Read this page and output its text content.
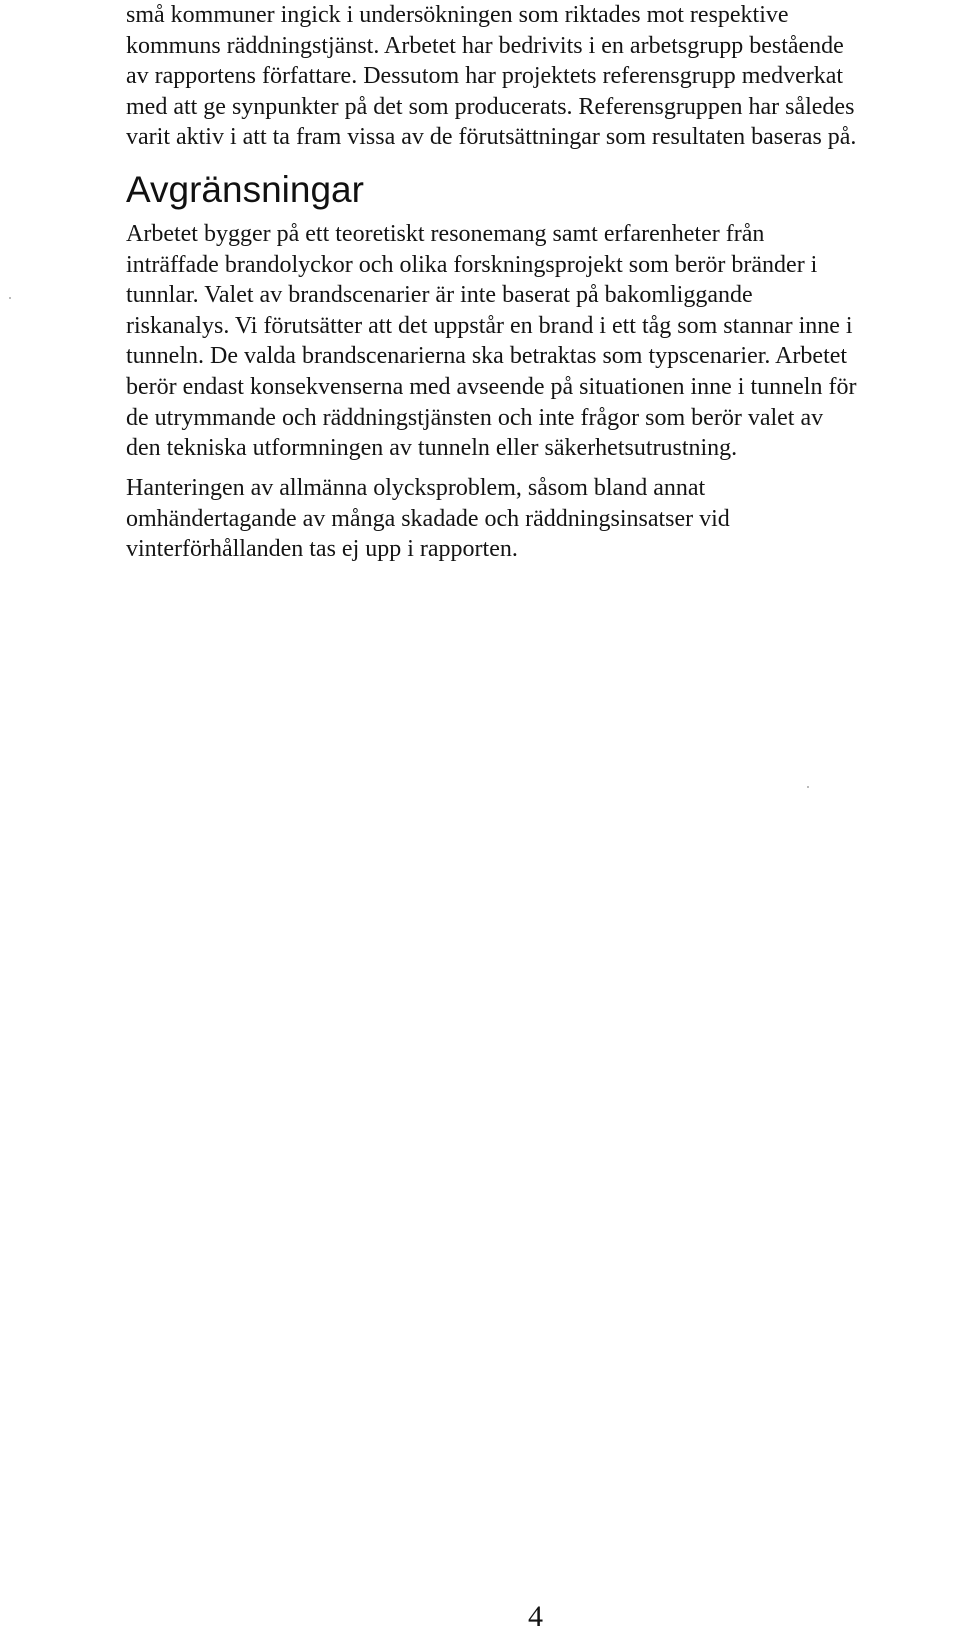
små kommuner ingick i undersökningen som riktades mot respektive
kommuns räddningstjänst. Arbetet har bedrivits i en arbetsgrupp bestående
av rapportens författare. Dessutom har projektets referensgrupp medverkat
med att ge synpunkter på det som producerats. Referensgruppen har således
varit aktiv i att ta fram vissa av de förutsättningar som resultaten baseras på.

Avgränsningar

Arbetet bygger på ett teoretiskt resonemang samt erfarenheter från
inträffade brandolyckor och olika forskningsprojekt som berör bränder i
tunnlar. Valet av brandscenarier är inte baserat på bakomliggande
riskanalys. Vi förutsätter att det uppstår en brand i ett tåg som stannar inne i
tunneln. De valda brandscenarierna ska betraktas som typscenarier. Arbetet
berör endast konsekvenserna med avseende på situationen inne i tunneln för
de utrymmande och räddningstjänsten och inte frågor som berör valet av
den tekniska utformningen av tunneln eller säkerhetsutrustning.

Hanteringen av allmänna olycksproblem, såsom bland annat
omhändertagande av många skadade och räddningsinsatser vid
vinterförhållanden tas ej upp i rapporten.

4
